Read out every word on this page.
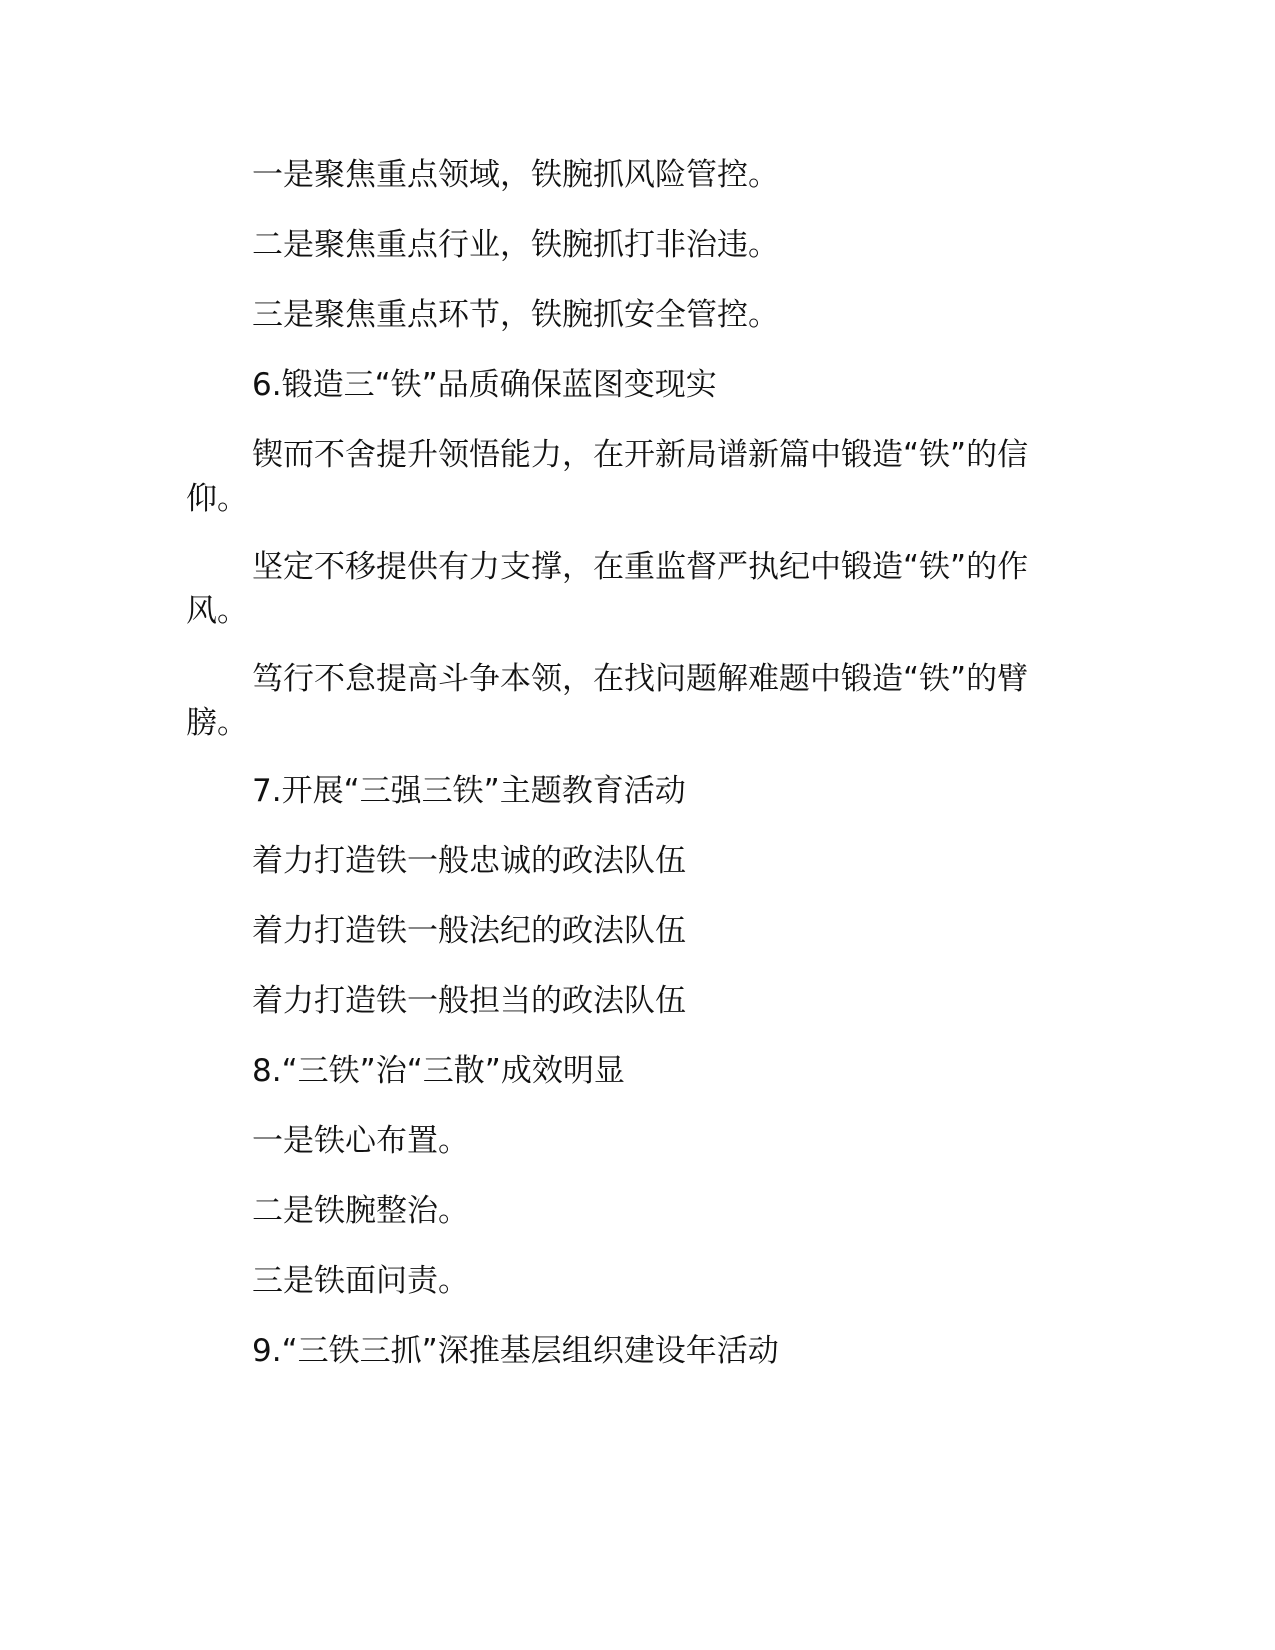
一是聚焦重点领域，铁腕抓风险管控。

二是聚焦重点行业，铁腕抓打非治违。

三是聚焦重点环节，铁腕抓安全管控。

6.锻造三“铁”品质确保蓝图变现实

锲而不舍提升领悟能力，在开新局谱新篇中锻造“铁”的信仰。

坚定不移提供有力支撑，在重监督严执纪中锻造“铁”的作风。

笃行不怠提高斗争本领，在找问题解难题中锻造“铁”的臂膀。

7.开展“三强三铁”主题教育活动

着力打造铁一般忠诚的政法队伍

着力打造铁一般法纪的政法队伍

着力打造铁一般担当的政法队伍

8.“三铁”治“三散”成效明显

一是铁心布置。

二是铁腕整治。

三是铁面问责。

9.“三铁三抓”深推基层组织建设年活动
